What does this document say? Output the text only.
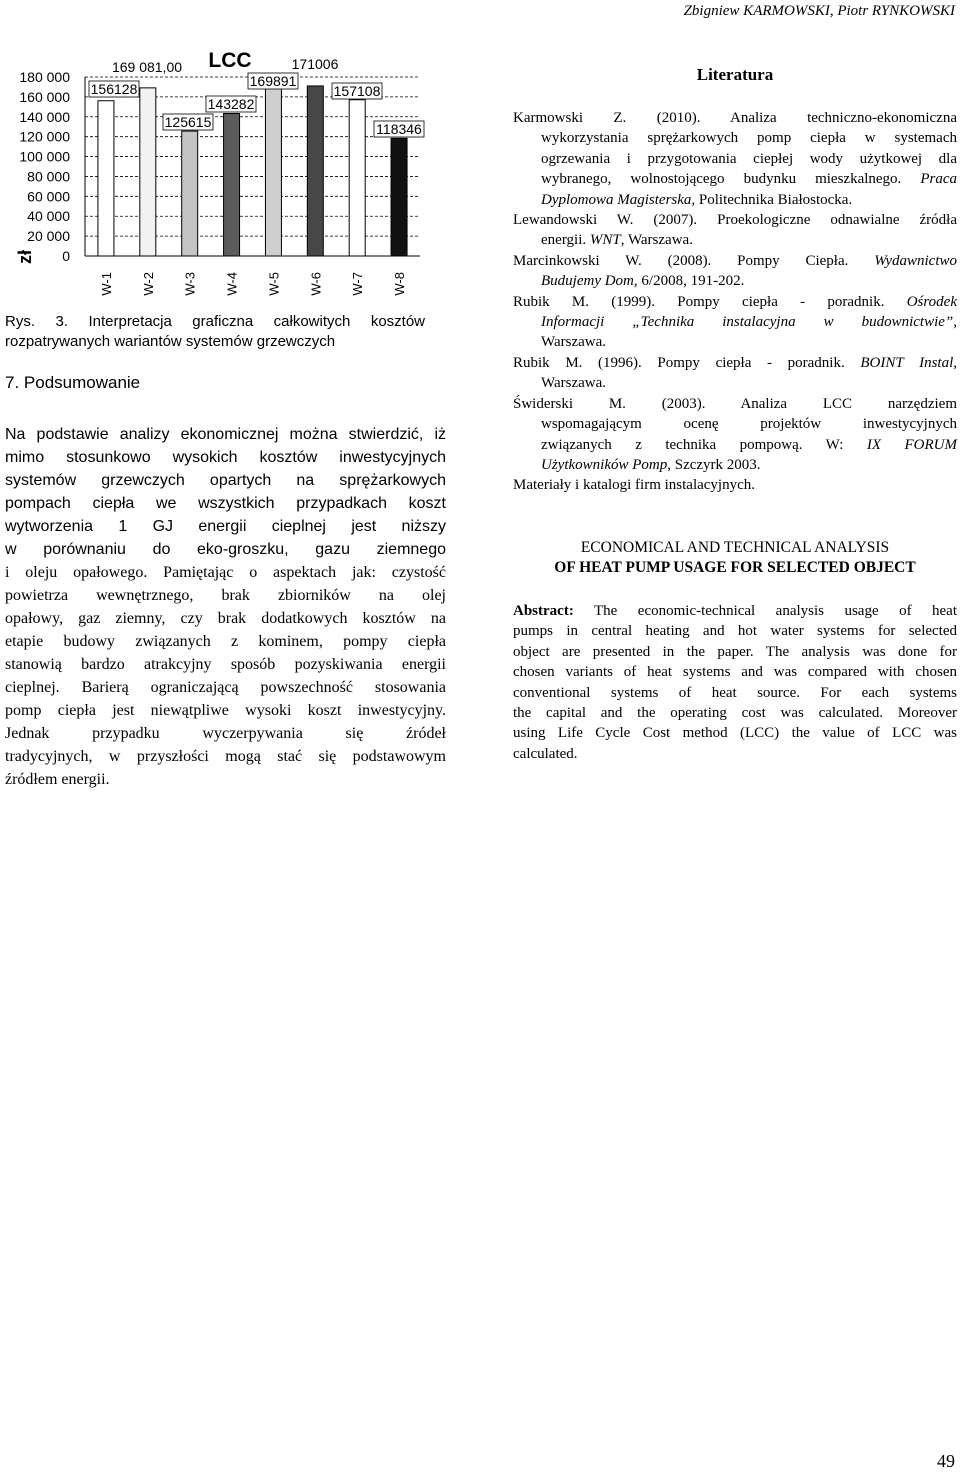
Zbigniew KARMOWSKI, Piotr RYNKOWSKI
180 000
160 000
140 000
120 000
100 000
80 000
60 000
40 000
20 000
0
W-1 W-2 W-3 W-4 W-5 W-6 W-7 W-8
156128
169 081,00
125615
143282
169891
171006
157108
118346
LCC
zł
Rys. 3. Interpretacja graficzna całkowitych kosztów
rozpatrywanych wariantów systemów grzewczych
7. Podsumowanie
Na podstawie analizy ekonomicznej można stwierdzić, iż
mimo stosunkowo wysokich kosztów inwestycyjnych
systemów grzewczych opartych na sprężarkowych
pompach ciepła we wszystkich przypadkach koszt
wytworzenia 1 GJ energii cieplnej jest niższy
w porównaniu do eko-groszku, gazu ziemnego
i oleju opałowego. Pamiętając o aspektach jak: czystość
powietrza wewnętrznego, brak zbiorników na olej
opałowy, gaz ziemny, czy brak dodatkowych kosztów na
etapie budowy związanych z kominem, pompy ciepła
stanowią bardzo atrakcyjny sposób pozyskiwania energii
cieplnej. Barierą ograniczającą powszechność stosowania
pomp ciepła jest niewątpliwe wysoki koszt inwestycyjny.
Jednak przypadku wyczerpywania się źródeł
tradycyjnych, w przyszłości mogą stać się podstawowym
źródłem energii.
Literatura
Karmowski Z. (2010). Analiza techniczno-ekonomiczna
wykorzystania sprężarkowych pomp ciepła w systemach
ogrzewania i przygotowania ciepłej wody użytkowej dla
wybranego, wolnostojącego budynku mieszkalnego. Praca
Dyplomowa Magisterska, Politechnika Białostocka.
Lewandowski W. (2007). Proekologiczne odnawialne źródła
energii. WNT, Warszawa.
Marcinkowski W. (2008). Pompy Ciepła. Wydawnictwo
Budujemy Dom, 6/2008, 191-202.
Rubik M. (1999). Pompy ciepła - poradnik. Ośrodek
Informacji „Technika instalacyjna w budownictwie”,
Warszawa.
Rubik M. (1996). Pompy ciepła - poradnik. BOINT Instal,
Warszawa.
Świderski M. (2003). Analiza LCC narzędziem
wspomagającym ocenę projektów inwestycyjnych
związanych z technika pompową. W: IX FORUM
Użytkowników Pomp, Szczyrk 2003.
Materiały i katalogi firm instalacyjnych.
ECONOMICAL AND TECHNICAL ANALYSIS
OF HEAT PUMP USAGE FOR SELECTED OBJECT
Abstract: The economic-technical analysis usage of heat
pumps in central heating and hot water systems for selected
object are presented in the paper. The analysis was done for
chosen variants of heat systems and was compared with chosen
conventional systems of heat source. For each systems
the capital and the operating cost was calculated. Moreover
using Life Cycle Cost method (LCC) the value of LCC was
calculated.
49
